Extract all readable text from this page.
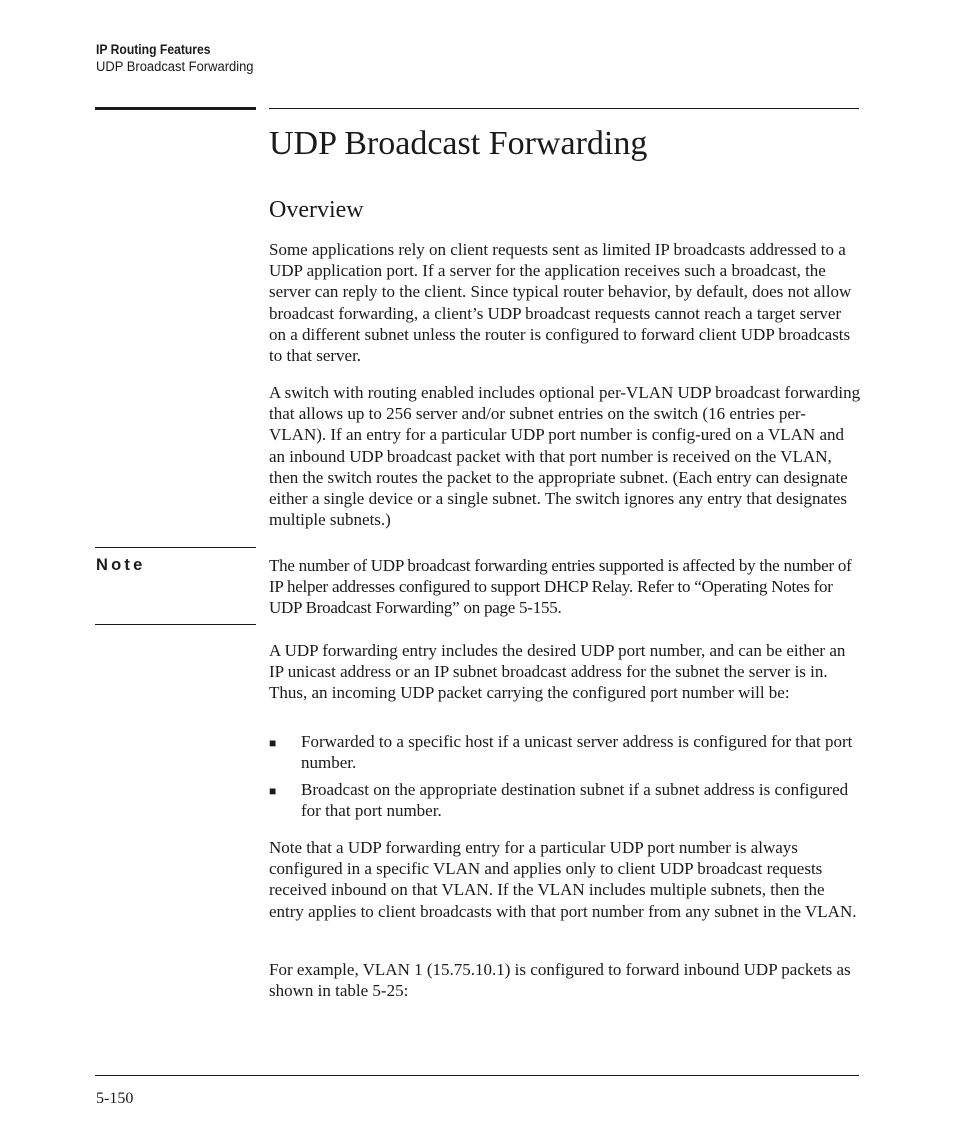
IP Routing Features
UDP Broadcast Forwarding
UDP Broadcast Forwarding
Overview

Some applications rely on client requests sent as limited IP broadcasts addressed to a UDP application port. If a server for the application receives such a broadcast, the server can reply to the client. Since typical router behavior, by default, does not allow broadcast forwarding, a client’s UDP broadcast requests cannot reach a target server on a different subnet unless the router is configured to forward client UDP broadcasts to that server.

A switch with routing enabled includes optional per-VLAN UDP broadcast forwarding that allows up to 256 server and/or subnet entries on the switch (16 entries per-VLAN). If an entry for a particular UDP port number is config-ured on a VLAN and an inbound UDP broadcast packet with that port number is received on the VLAN, then the switch routes the packet to the appropriate subnet. (Each entry can designate either a single device or a single subnet. The switch ignores any entry that designates multiple subnets.)

Note	The number of UDP broadcast forwarding entries supported is affected by the number of IP helper addresses configured to support DHCP Relay. Refer to “Operating Notes for UDP Broadcast Forwarding” on page 5-155.

A UDP forwarding entry includes the desired UDP port number, and can be either an IP unicast address or an IP subnet broadcast address for the subnet the server is in. Thus, an incoming UDP packet carrying the configured port number will be:

■	Forwarded to a specific host if a unicast server address is configured for that port number.
■	Broadcast on the appropriate destination subnet if a subnet address is configured for that port number.

Note that a UDP forwarding entry for a particular UDP port number is always configured in a specific VLAN and applies only to client UDP broadcast requests received inbound on that VLAN. If the VLAN includes multiple subnets, then the entry applies to client broadcasts with that port number from any subnet in the VLAN.

For example, VLAN 1 (15.75.10.1) is configured to forward inbound UDP packets as shown in table 5-25:

5-150
